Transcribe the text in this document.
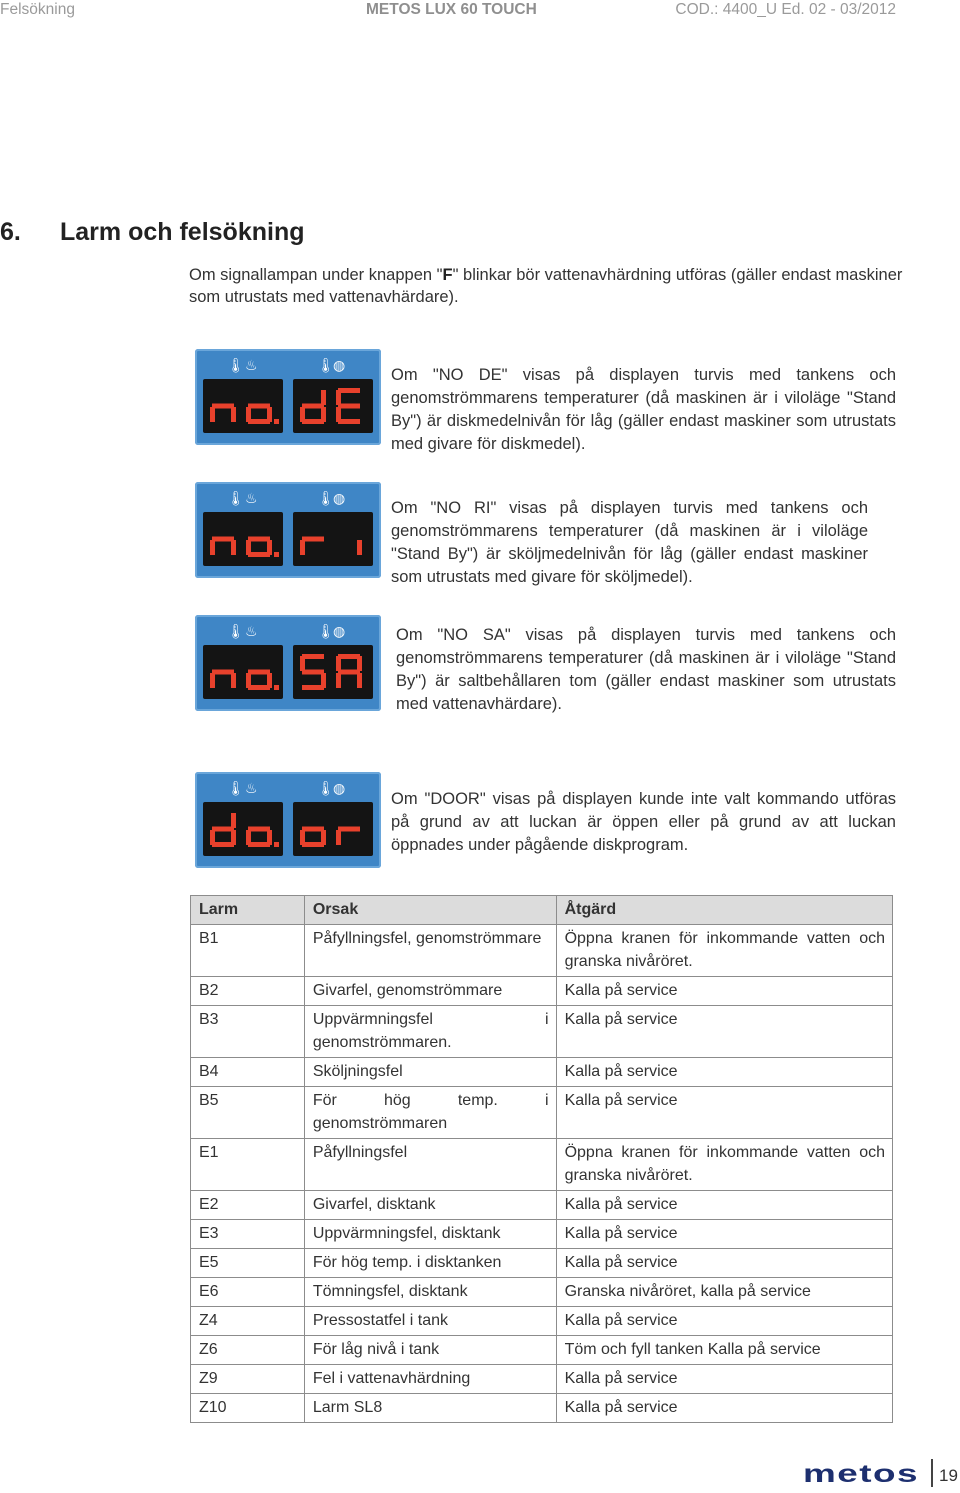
Felsökning	METOS LUX 60 TOUCH	COD.: 4400_U Ed. 02 - 03/2012
6. Larm och felsökning
Om signallampan under knappen "F" blinkar bör vattenavhärdning utföras (gäller endast maskiner som utrustats med vattenavhärdare).
🌡 ♨	🌡
◍
Om "NO DE" visas på displayen turvis med tankens och genomströmmarens temperaturer (då maskinen är i viloläge "Stand By") är diskmedelnivån för låg (gäller endast maskiner som utrustats med givare för diskmedel).
🌡 ♨	🌡
◍
Om "NO RI" visas på displayen turvis med tankens och genomströmmarens temperaturer (då maskinen är i viloläge "Stand By") är sköljmedelnivån för låg (gäller endast maskiner som utrustats med givare för sköljmedel).
🌡 ♨	🌡
◍	Om "NO SA" visas på displayen turvis med tankens och genomströmmarens temperaturer (då maskinen är i viloläge "Stand By") är saltbehållaren tom (gäller endast maskiner som utrustats med vattenavhärdare).
🌡 ♨	🌡
◍
Om "DOOR" visas på displayen kunde inte valt kommando utföras på grund av att luckan är öppen eller på grund av att luckan öppnades under pågående diskprogram.
Larm	Orsak	Åtgärd
B1	Påfyllningsfel, genomströmmare	Öppna kranen för inkommande vatten och granska nivåröret.
B2	Givarfel, genomströmmare	Kalla på service
B3	Uppvärmningsfel i genomströmmaren.	Kalla på service
B4	Sköljningsfel	Kalla på service
B5	För hög temp. i genomströmmaren	Kalla på service
E1	Påfyllningsfel	Öppna kranen för inkommande vatten och granska nivåröret.
E2	Givarfel, disktank	Kalla på service
E3	Uppvärmningsfel, disktank	Kalla på service
E5	För hög temp. i disktanken	Kalla på service
E6	Tömningsfel, disktank	Granska nivåröret, kalla på service
Z4	Pressostatfel i tank	Kalla på service
Z6	För låg nivå i tank	Töm och fyll tanken Kalla på service
Z9	Fel i vattenavhärdning	Kalla på service
Z10	Larm SL8	Kalla på service
metos 19
